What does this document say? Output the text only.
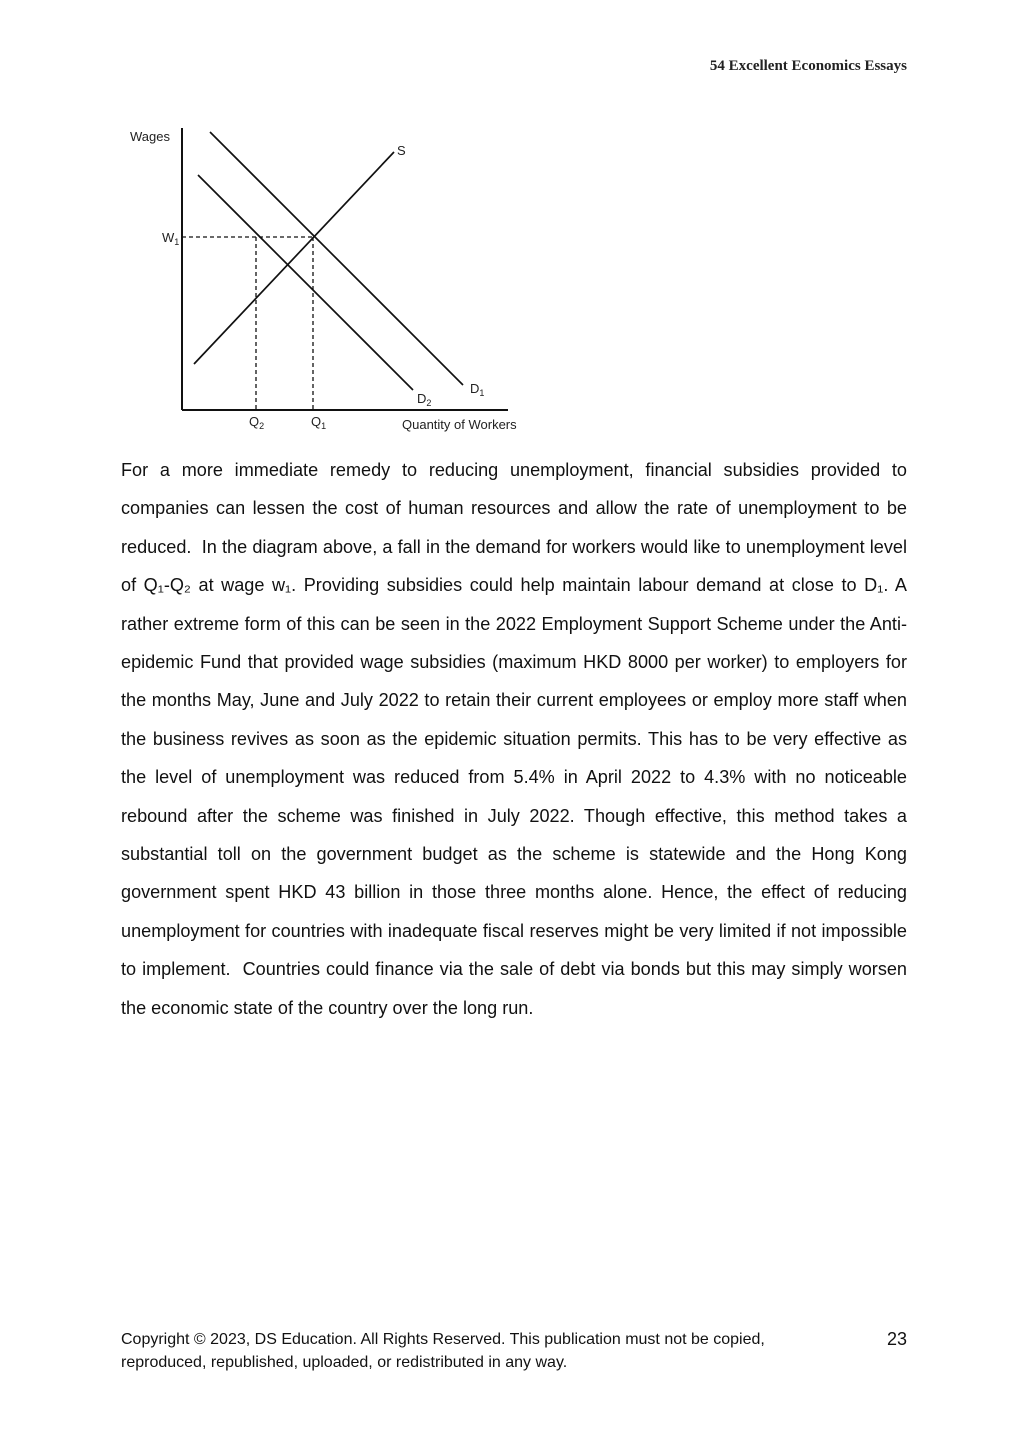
54 Excellent Economics Essays
Wages
$W_1$
S
$D_1$
$D_2$
$Q_2$	$Q_1$	Quantity of Workers

For a more immediate remedy to reducing unemployment, financial subsidies provided to companies can lessen the cost of human resources and allow the rate of unemployment to be reduced.  In the diagram above, a fall in the demand for workers would like to unemployment level of Q₁-Q₂ at wage w₁. Providing subsidies could help maintain labour demand at close to D₁. A rather extreme form of this can be seen in the 2022 Employment Support Scheme under the Anti-epidemic Fund that provided wage subsidies (maximum HKD 8000 per worker) to employers for the months May, June and July 2022 to retain their current employees or employ more staff when the business revives as soon as the epidemic situation permits. This has to be very effective as the level of unemployment was reduced from 5.4% in April 2022 to 4.3% with no noticeable rebound after the scheme was finished in July 2022. Though effective, this method takes a substantial toll on the government budget as the scheme is statewide and the Hong Kong government spent HKD 43 billion in those three months alone. Hence, the effect of reducing unemployment for countries with inadequate fiscal reserves might be very limited if not impossible to implement.  Countries could finance via the sale of debt via bonds but this may simply worsen the economic state of the country over the long run.

Copyright © 2023, DS Education. All Rights Reserved. This publication must not be copied, reproduced, republished, uploaded, or redistributed in any way.
23
